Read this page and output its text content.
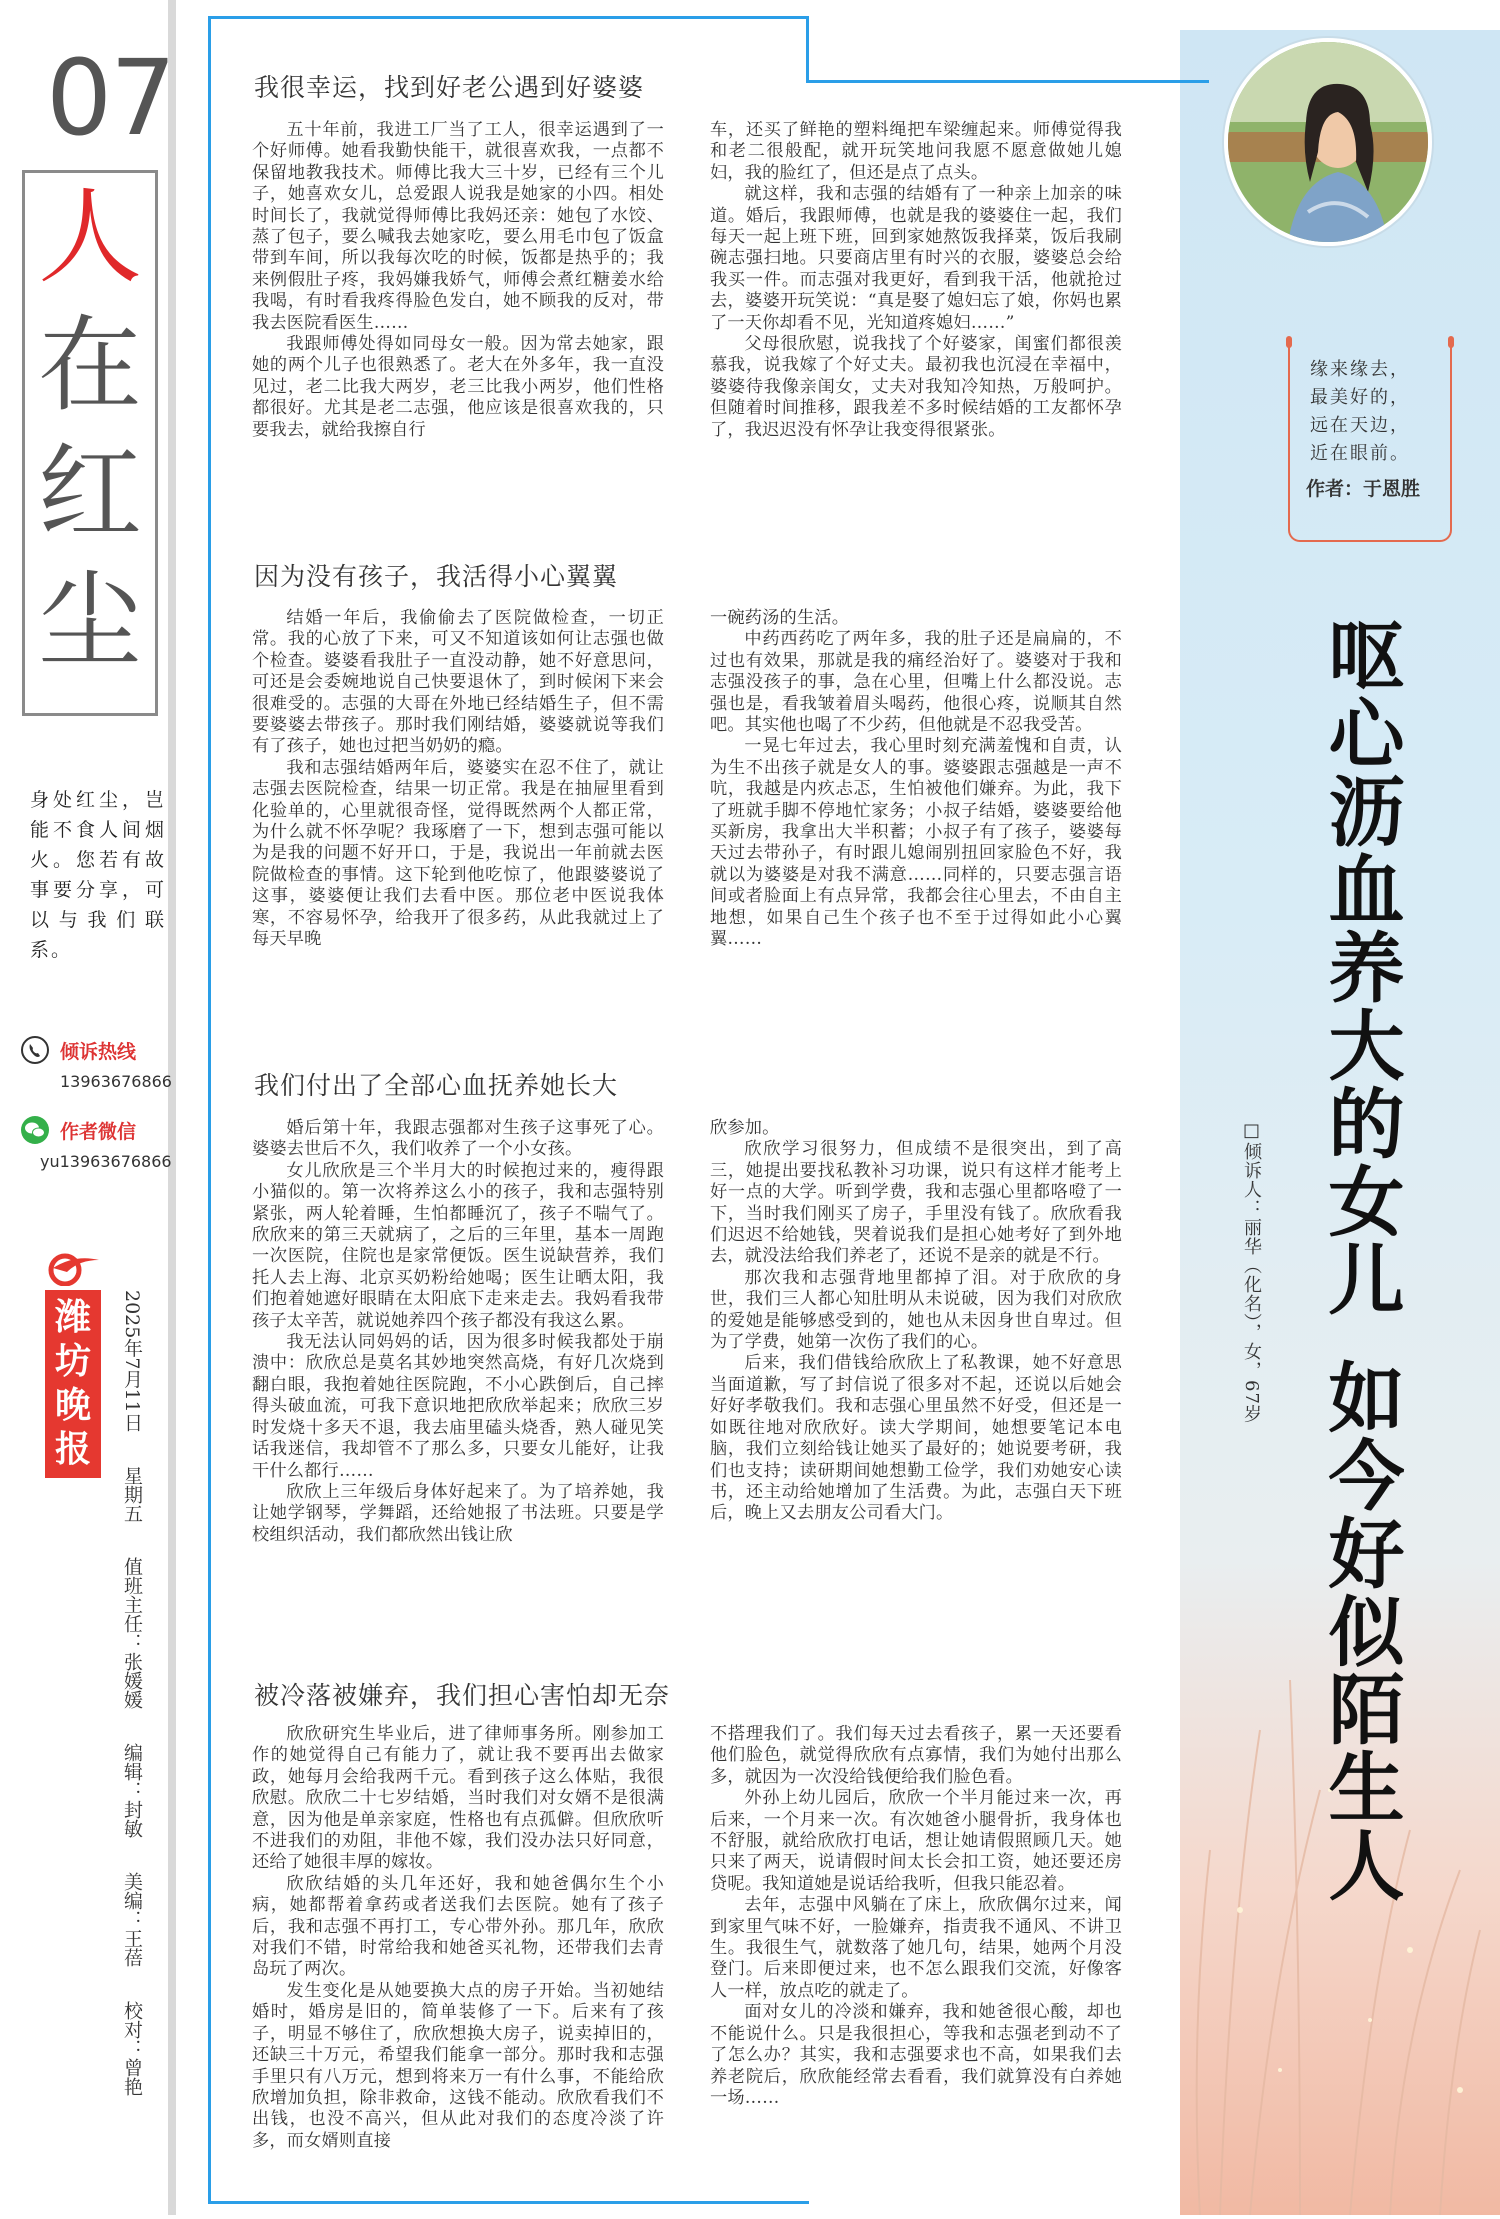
07
人
在
红
尘
身处红尘，岂能不食人间烟火。您若有故事要分享，可以与我们联系。
倾诉热线
13963676866
作者微信
yu13963676866
潍坊晚报
2025年7月11日 星期五 值班主任：张媛媛 编辑：封敏 美编：王蓓 校对：曾艳
我很幸运，找到好老公遇到好婆婆

五十年前，我进工厂当了工人，很幸运遇到了一个好师傅。她看我勤快能干，就很喜欢我，一点都不保留地教我技术。师傅比我大三十岁，已经有三个儿子，她喜欢女儿，总爱跟人说我是她家的小四。相处时间长了，我就觉得师傅比我妈还亲：她包了水饺、蒸了包子，要么喊我去她家吃，要么用毛巾包了饭盒带到车间，所以我每次吃的时候，饭都是热乎的；我来例假肚子疼，我妈嫌我娇气，师傅会煮红糖姜水给我喝，有时看我疼得脸色发白，她不顾我的反对，带我去医院看医生……

我跟师傅处得如同母女一般。因为常去她家，跟她的两个儿子也很熟悉了。老大在外多年，我一直没见过，老二比我大两岁，老三比我小两岁，他们性格都很好。尤其是老二志强，他应该是很喜欢我的，只要我去，就给我擦自行

车，还买了鲜艳的塑料绳把车梁缠起来。师傅觉得我和老二很般配，就开玩笑地问我愿不愿意做她儿媳妇，我的脸红了，但还是点了点头。

就这样，我和志强的结婚有了一种亲上加亲的味道。婚后，我跟师傅，也就是我的婆婆住一起，我们每天一起上班下班，回到家她熬饭我择菜，饭后我刷碗志强扫地。只要商店里有时兴的衣服，婆婆总会给我买一件。而志强对我更好，看到我干活，他就抢过去，婆婆开玩笑说：“真是娶了媳妇忘了娘，你妈也累了一天你却看不见，光知道疼媳妇……”

父母很欣慰，说我找了个好婆家，闺蜜们都很羡慕我，说我嫁了个好丈夫。最初我也沉浸在幸福中，婆婆待我像亲闺女，丈夫对我知冷知热，万般呵护。但随着时间推移，跟我差不多时候结婚的工友都怀孕了，我迟迟没有怀孕让我变得很紧张。

因为没有孩子，我活得小心翼翼

结婚一年后，我偷偷去了医院做检查，一切正常。我的心放了下来，可又不知道该如何让志强也做个检查。婆婆看我肚子一直没动静，她不好意思问，可还是会委婉地说自己快要退休了，到时候闲下来会很难受的。志强的大哥在外地已经结婚生子，但不需要婆婆去带孩子。那时我们刚结婚，婆婆就说等我们有了孩子，她也过把当奶奶的瘾。

我和志强结婚两年后，婆婆实在忍不住了，就让志强去医院检查，结果一切正常。我是在抽屉里看到化验单的，心里就很奇怪，觉得既然两个人都正常，为什么就不怀孕呢？我琢磨了一下，想到志强可能以为是我的问题不好开口，于是，我说出一年前就去医院做检查的事情。这下轮到他吃惊了，他跟婆婆说了这事，婆婆便让我们去看中医。那位老中医说我体寒，不容易怀孕，给我开了很多药，从此我就过上了每天早晚

一碗药汤的生活。

中药西药吃了两年多，我的肚子还是扁扁的，不过也有效果，那就是我的痛经治好了。婆婆对于我和志强没孩子的事，急在心里，但嘴上什么都没说。志强也是，看我皱着眉头喝药，他很心疼，说顺其自然吧。其实他也喝了不少药，但他就是不忍我受苦。

一晃七年过去，我心里时刻充满羞愧和自责，认为生不出孩子就是女人的事。婆婆跟志强越是一声不吭，我越是内疚忐忑，生怕被他们嫌弃。为此，我下了班就手脚不停地忙家务；小叔子结婚，婆婆要给他买新房，我拿出大半积蓄；小叔子有了孩子，婆婆每天过去带孙子，有时跟儿媳闹别扭回家脸色不好，我就以为婆婆是对我不满意……同样的，只要志强言语间或者脸面上有点异常，我都会往心里去，不由自主地想，如果自己生个孩子也不至于过得如此小心翼翼……

我们付出了全部心血抚养她长大

婚后第十年，我跟志强都对生孩子这事死了心。婆婆去世后不久，我们收养了一个小女孩。

女儿欣欣是三个半月大的时候抱过来的，瘦得跟小猫似的。第一次将养这么小的孩子，我和志强特别紧张，两人轮着睡，生怕都睡沉了，孩子不喘气了。欣欣来的第三天就病了，之后的三年里，基本一周跑一次医院，住院也是家常便饭。医生说缺营养，我们托人去上海、北京买奶粉给她喝；医生让晒太阳，我们抱着她遮好眼睛在太阳底下走来走去。我妈看我带孩子太辛苦，就说她养四个孩子都没有我这么累。

我无法认同妈妈的话，因为很多时候我都处于崩溃中：欣欣总是莫名其妙地突然高烧，有好几次烧到翻白眼，我抱着她往医院跑，不小心跌倒后，自己摔得头破血流，可我下意识地把欣欣举起来；欣欣三岁时发烧十多天不退，我去庙里磕头烧香，熟人碰见笑话我迷信，我却管不了那么多，只要女儿能好，让我干什么都行……

欣欣上三年级后身体好起来了。为了培养她，我让她学钢琴，学舞蹈，还给她报了书法班。只要是学校组织活动，我们都欣然出钱让欣

欣参加。

欣欣学习很努力，但成绩不是很突出，到了高三，她提出要找私教补习功课，说只有这样才能考上好一点的大学。听到学费，我和志强心里都咯噔了一下，当时我们刚买了房子，手里没有钱了。欣欣看我们迟迟不给她钱，哭着说我们是担心她考好了到外地去，就没法给我们养老了，还说不是亲的就是不行。

那次我和志强背地里都掉了泪。对于欣欣的身世，我们三人都心知肚明从未说破，因为我们对欣欣的爱她是能够感受到的，她也从未因身世自卑过。但为了学费，她第一次伤了我们的心。

后来，我们借钱给欣欣上了私教课，她不好意思当面道歉，写了封信说了很多对不起，还说以后她会好好孝敬我们。我和志强心里虽然不好受，但还是一如既往地对欣欣好。读大学期间，她想要笔记本电脑，我们立刻给钱让她买了最好的；她说要考研，我们也支持；读研期间她想勤工俭学，我们劝她安心读书，还主动给她增加了生活费。为此，志强白天下班后，晚上又去朋友公司看大门。

被冷落被嫌弃，我们担心害怕却无奈

欣欣研究生毕业后，进了律师事务所。刚参加工作的她觉得自己有能力了，就让我不要再出去做家政，她每月会给我两千元。看到孩子这么体贴，我很欣慰。欣欣二十七岁结婚，当时我们对女婿不是很满意，因为他是单亲家庭，性格也有点孤僻。但欣欣听不进我们的劝阻，非他不嫁，我们没办法只好同意，还给了她很丰厚的嫁妆。

欣欣结婚的头几年还好，我和她爸偶尔生个小病，她都帮着拿药或者送我们去医院。她有了孩子后，我和志强不再打工，专心带外孙。那几年，欣欣对我们不错，时常给我和她爸买礼物，还带我们去青岛玩了两次。

发生变化是从她要换大点的房子开始。当初她结婚时，婚房是旧的，简单装修了一下。后来有了孩子，明显不够住了，欣欣想换大房子，说卖掉旧的，还缺三十万元，希望我们能拿一部分。那时我和志强手里只有八万元，想到将来万一有什么事，不能给欣欣增加负担，除非救命，这钱不能动。欣欣看我们不出钱，也没不高兴，但从此对我们的态度冷淡了许多，而女婿则直接

不搭理我们了。我们每天过去看孩子，累一天还要看他们脸色，就觉得欣欣有点寡情，我们为她付出那么多，就因为一次没给钱便给我们脸色看。

外孙上幼儿园后，欣欣一个半月能过来一次，再后来，一个月来一次。有次她爸小腿骨折，我身体也不舒服，就给欣欣打电话，想让她请假照顾几天。她只来了两天，说请假时间太长会扣工资，她还要还房贷呢。我知道她是说话给我听，但我只能忍着。

去年，志强中风躺在了床上，欣欣偶尔过来，闻到家里气味不好，一脸嫌弃，指责我不通风、不讲卫生。我很生气，就数落了她几句，结果，她两个月没登门。后来即便过来，也不怎么跟我们交流，好像客人一样，放点吃的就走了。

面对女儿的冷淡和嫌弃，我和她爸很心酸，却也不能说什么。只是我很担心，等我和志强老到动不了了怎么办？其实，我和志强要求也不高，如果我们去养老院后，欣欣能经常去看看，我们就算没有白养她一场……

缘来缘去，
最美好的，
远在天边，
近在眼前。
作者：于恩胜
呕心沥血养大的女儿如今好似陌生人
□倾诉人：丽华（化名），女，67岁
